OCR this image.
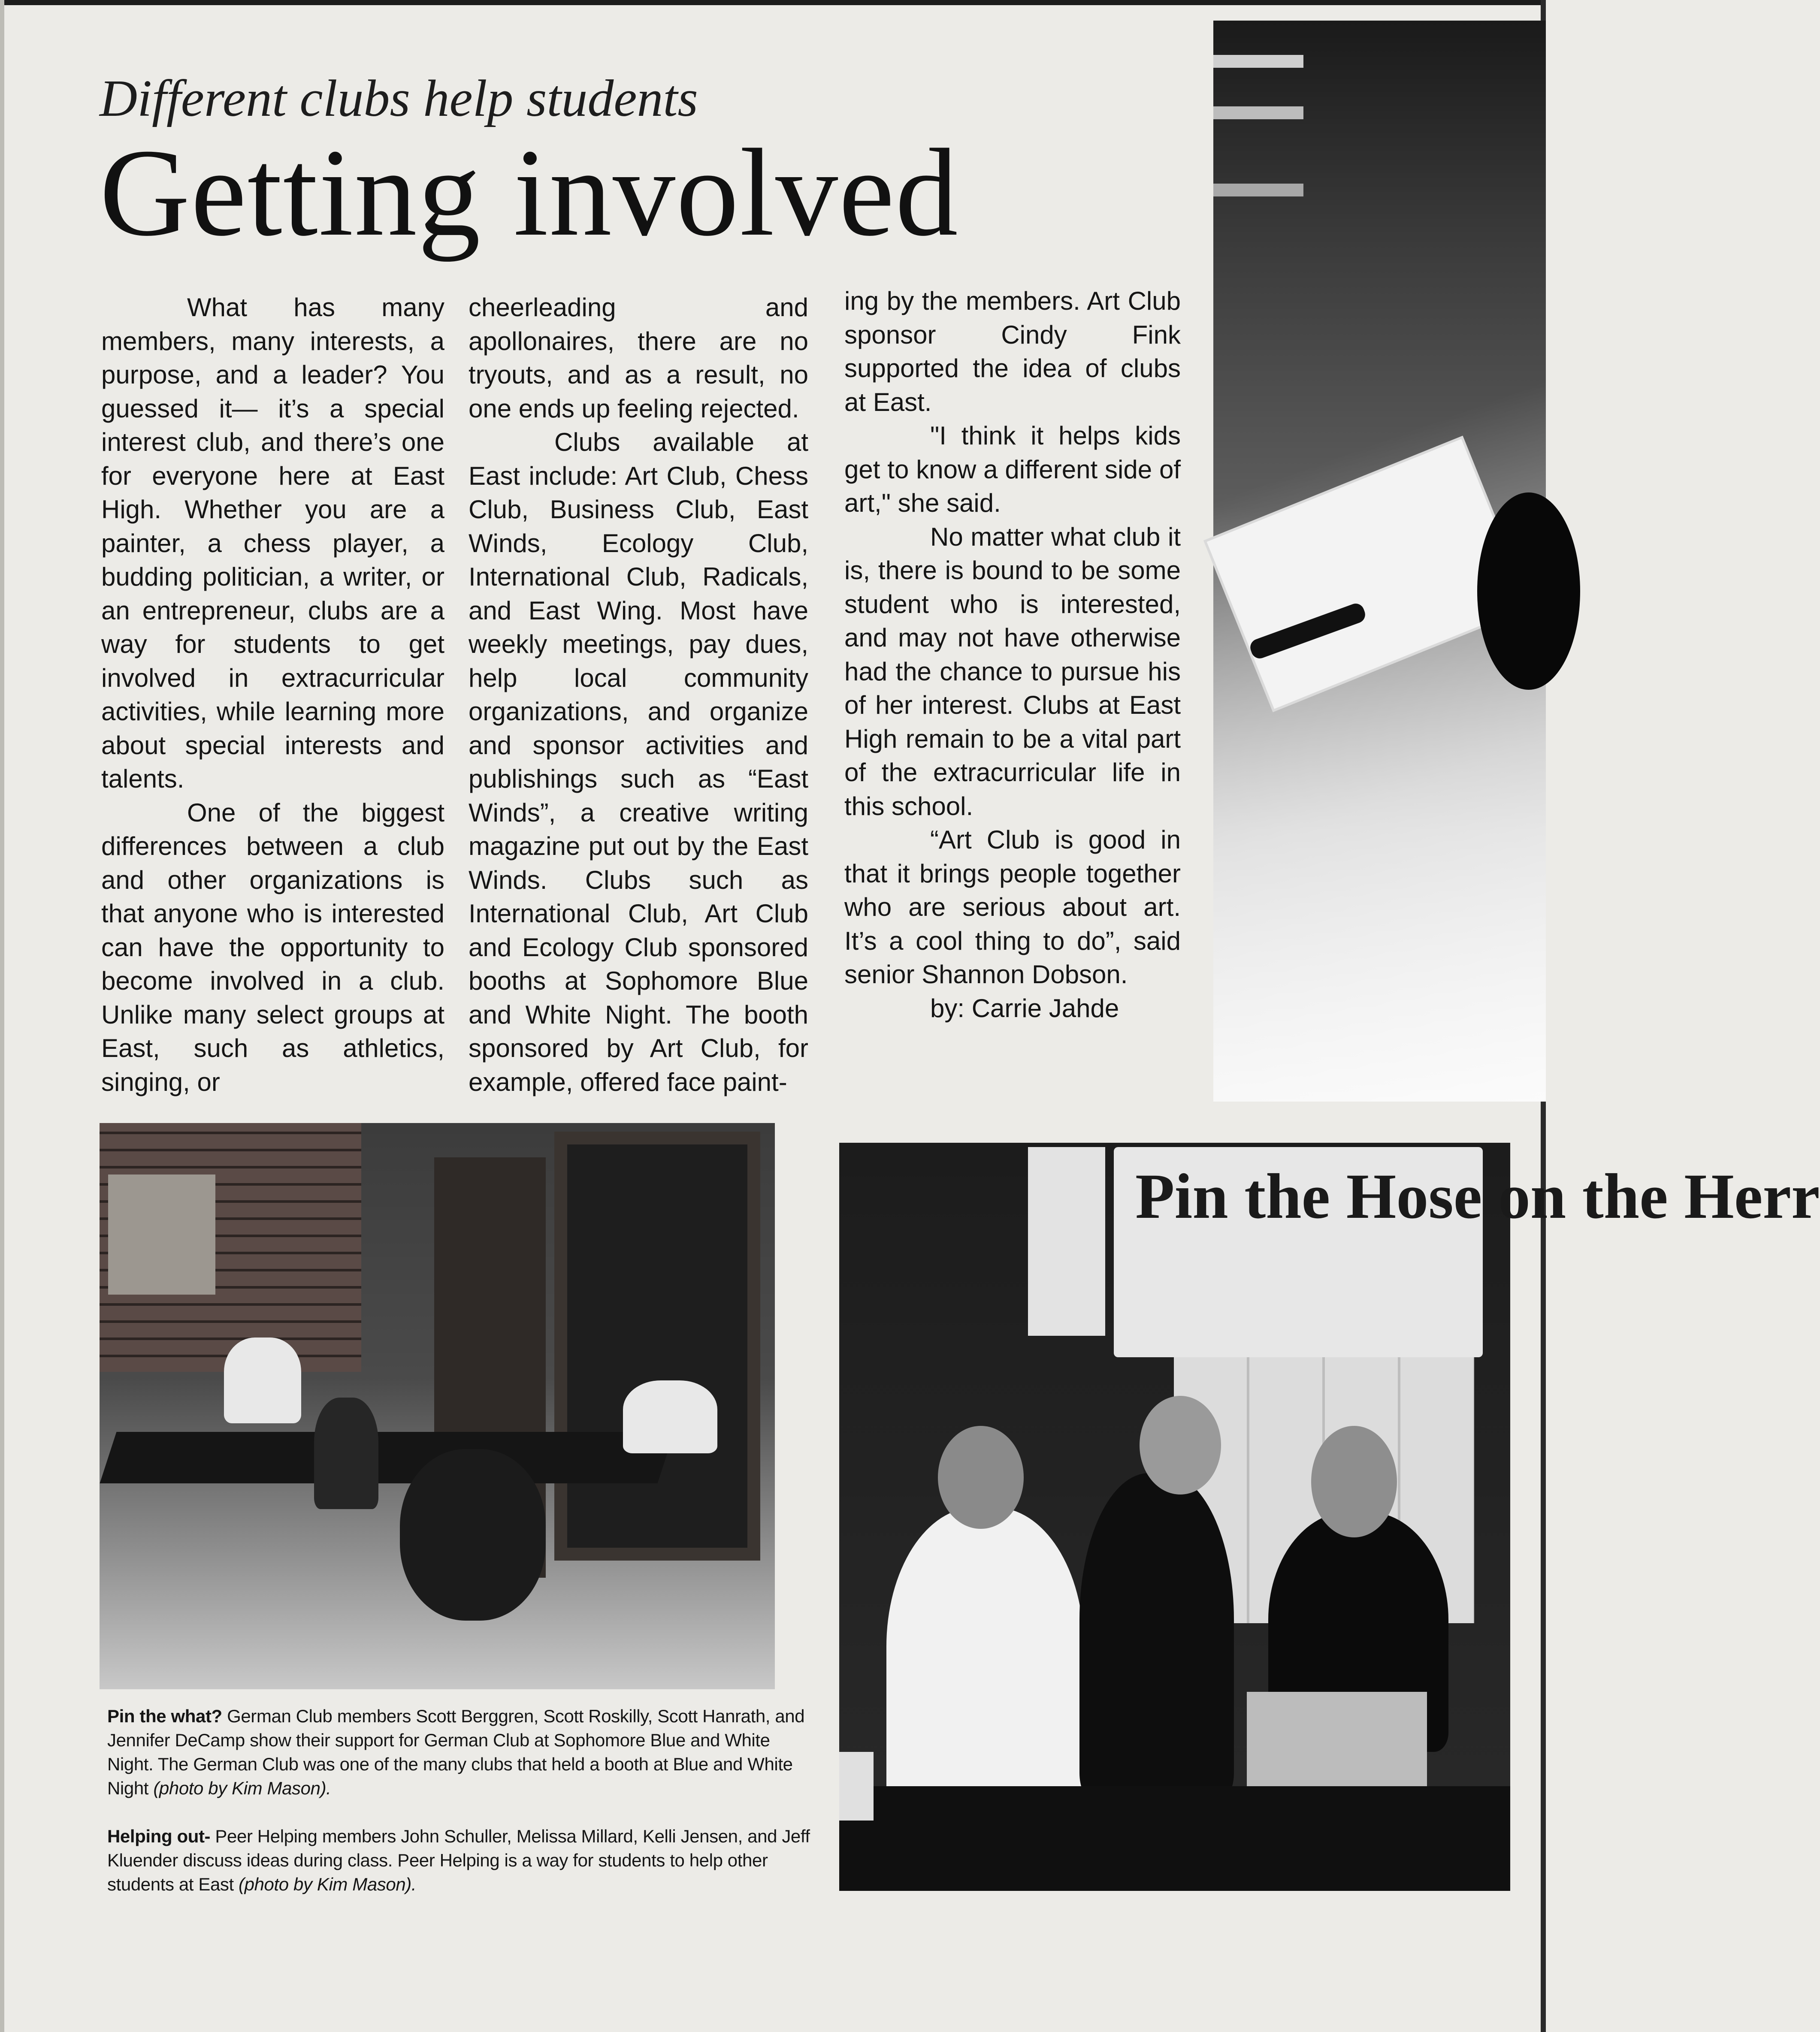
Different clubs help students
Getting involved

What has many members, many interests, a purpose, and a leader? You guessed it— it’s a special interest club, and there’s one for everyone here at East High. Whether you are a painter, a chess player, a budding politician, a writer, or an entrepreneur, clubs are a way for students to get involved in extracurricular activities, while learning more about special interests and talents.

One of the biggest differences between a club and other organizations is that anyone who is interested can have the opportunity to become involved in a club. Unlike many select groups at East, such as athletics, singing, or

cheerleading and apollonaires, there are no tryouts, and as a result, no one ends up feeling rejected.

Clubs available at East include: Art Club, Chess Club, Business Club, East Winds, Ecology Club, International Club, Radicals, and East Wing. Most have weekly meetings, pay dues, help local community organizations, and organize and sponsor activities and publishings such as “East Winds”, a creative writing magazine put out by the East Winds. Clubs such as International Club, Art Club and Ecology Club sponsored booths at Sophomore Blue and White Night. The booth sponsored by Art Club, for example, offered face paint-

ing by the members. Art Club sponsor Cindy Fink supported the idea of clubs at East.

"I think it helps kids get to know a different side of art," she said.

No matter what club it is, there is bound to be some student who is interested, and may not have otherwise had the chance to pursue his of her interest. Clubs at East High remain to be a vital part of the extracurricular life in this school.

“Art Club is good in that it brings people together who are serious about art. It’s a cool thing to do”, said senior Shannon Dobson.

by: Carrie Jahde

Pin the Hose on the Herr

Pin the what? German Club members Scott Berggren, Scott Roskilly, Scott Hanrath, and Jennifer DeCamp show their support for German Club at Sophomore Blue and White Night. The German Club was one of the many clubs that held a booth at Blue and White Night (photo by Kim Mason).

Helping out- Peer Helping members John Schuller, Melissa Millard, Kelli Jensen, and Jeff Kluender discuss ideas during class. Peer Helping is a way for students to help other students at East (photo by Kim Mason).
